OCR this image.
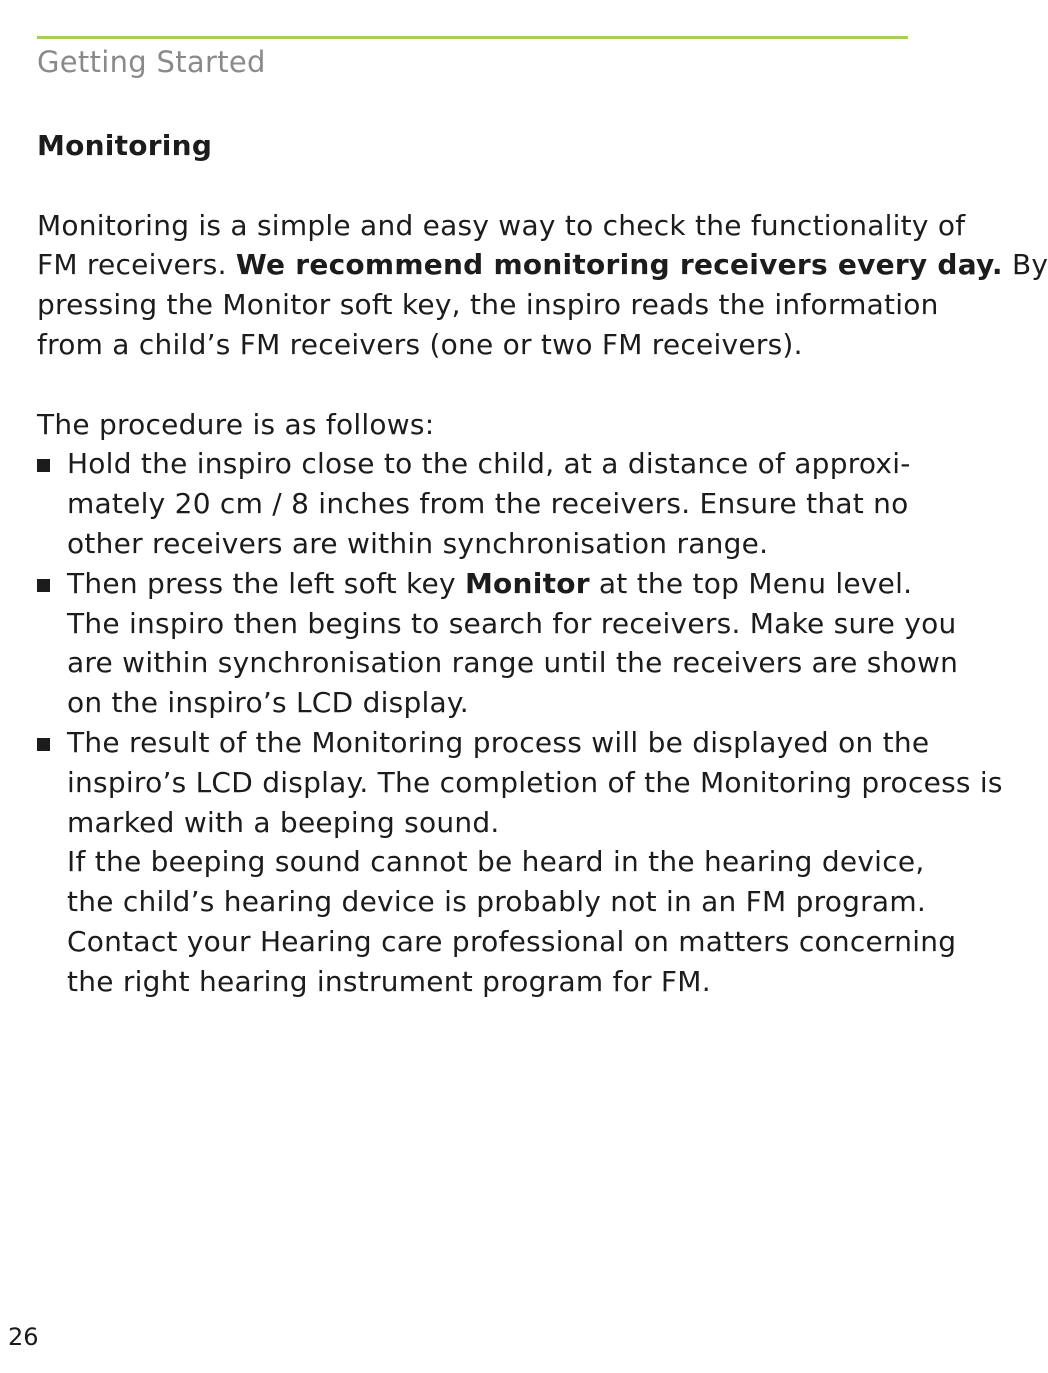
Getting Started

Monitoring

Monitoring is a simple and easy way to check the functionality of
FM receivers. We recommend monitoring receivers every day. By
pressing the Monitor soft key, the inspiro reads the information
from a child’s FM receivers (one or two FM receivers).

The procedure is as follows:

Hold the inspiro close to the child, at a distance of approxi-
mately 20 cm / 8 inches from the receivers. Ensure that no
other receivers are within synchronisation range.
Then press the left soft key Monitor at the top Menu level.
The inspiro then begins to search for receivers. Make sure you
are within synchronisation range until the receivers are shown
on the inspiro’s LCD display.
The result of the Monitoring process will be displayed on the
inspiro’s LCD display. The completion of the Monitoring process is
marked with a beeping sound.
If the beeping sound cannot be heard in the hearing device,
the child’s hearing device is probably not in an FM program.
Contact your Hearing care professional on matters concerning
the right hearing instrument program for FM.
26
